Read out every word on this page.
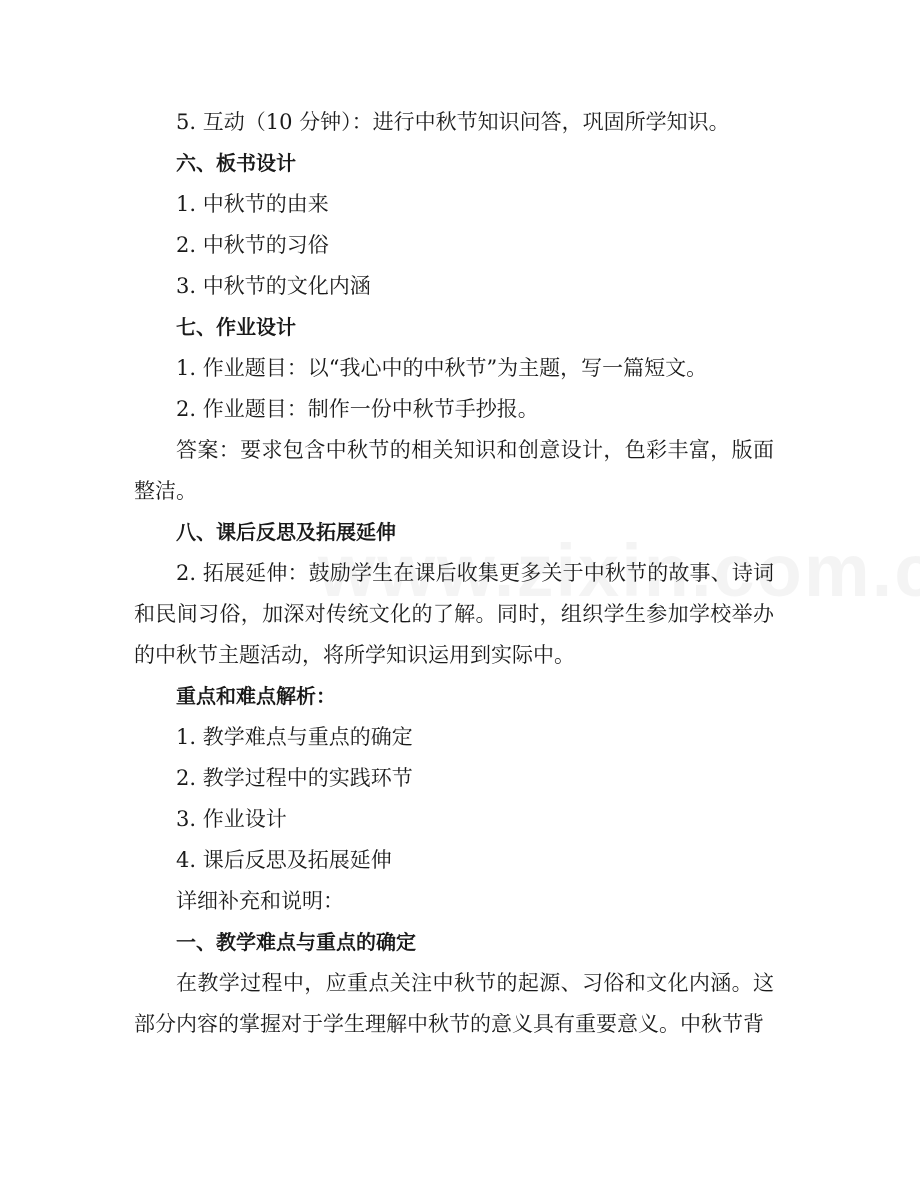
5. 互动（10 分钟）：进行中秋节知识问答，巩固所学知识。
六、板书设计
1. 中秋节的由来
2. 中秋节的习俗
3. 中秋节的文化内涵
七、作业设计
1. 作业题目：以“我心中的中秋节”为主题，写一篇短文。
2. 作业题目：制作一份中秋节手抄报。
答案：要求包含中秋节的相关知识和创意设计，色彩丰富，版面整洁。
八、课后反思及拓展延伸
2. 拓展延伸：鼓励学生在课后收集更多关于中秋节的故事、诗词和民间习俗，加深对传统文化的了解。同时，组织学生参加学校举办的中秋节主题活动，将所学知识运用到实际中。
重点和难点解析：
1. 教学难点与重点的确定
2. 教学过程中的实践环节
3. 作业设计
4. 课后反思及拓展延伸
详细补充和说明：
一、教学难点与重点的确定
在教学过程中，应重点关注中秋节的起源、习俗和文化内涵。这部分内容的掌握对于学生理解中秋节的意义具有重要意义。中秋节背
